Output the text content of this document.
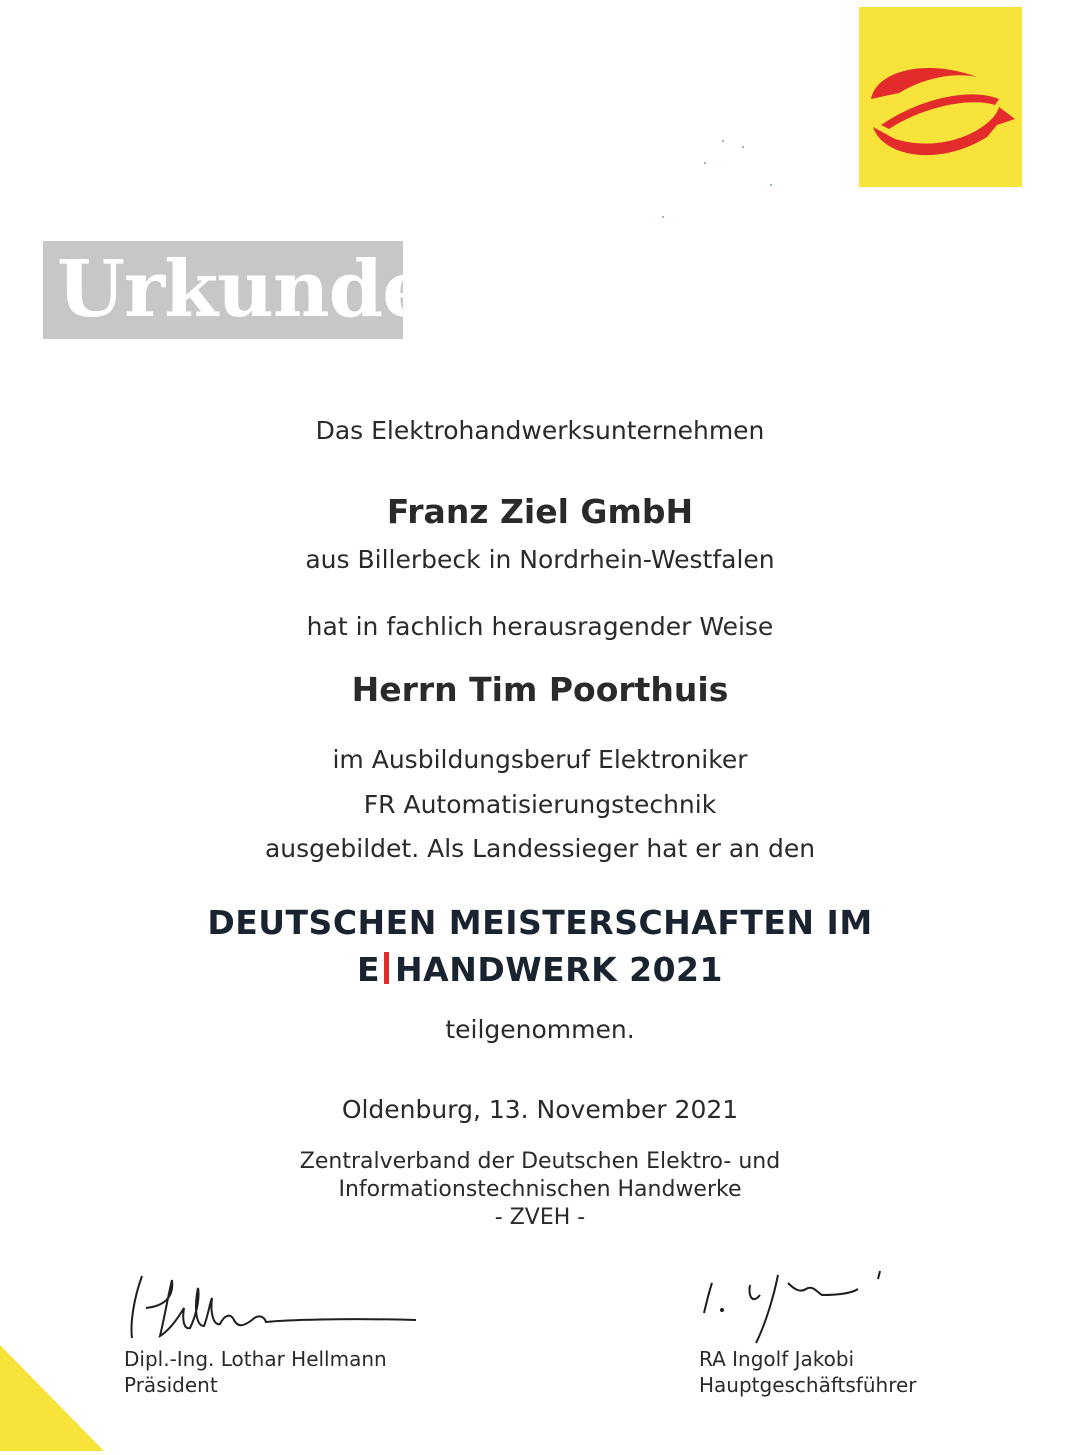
Urkunde
Das Elektrohandwerksunternehmen
Franz Ziel GmbH
aus Billerbeck in Nordrhein-Westfalen
hat in fachlich herausragender Weise
Herrn Tim Poorthuis
im Ausbildungsberuf Elektroniker
FR Automatisierungstechnik
ausgebildet. Als Landessieger hat er an den
DEUTSCHEN MEISTERSCHAFTEN IM
E HANDWERK 2021
teilgenommen.
Oldenburg, 13. November 2021
Zentralverband der Deutschen Elektro- und
Informationstechnischen Handwerke
- ZVEH -
Dipl.-Ing. Lothar Hellmann
Präsident
RA Ingolf Jakobi
Hauptgeschäftsführer
